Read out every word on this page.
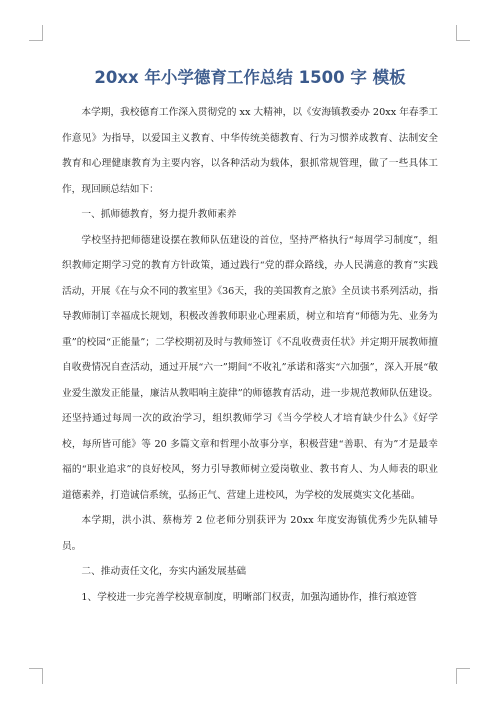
20xx 年小学德育工作总结 1500 字 模板

本学期，我校德育工作深入贯彻党的 xx 大精神，以《安海镇教委办 20xx 年春季工作意见》为指导，以爱国主义教育、中华传统美德教育、行为习惯养成教育、法制安全教育和心理健康教育为主要内容，以各种活动为载体，狠抓常规管理，做了一些具体工作，现回顾总结如下：

一、抓师德教育，努力提升教师素养

学校坚持把师德建设摆在教师队伍建设的首位，坚持严格执行“每周学习制度”，组织教师定期学习党的教育方针政策，通过践行“党的群众路线，办人民满意的教育”实践活动，开展《在与众不同的教室里》《36天，我的美国教育之旅》全员读书系列活动，指导教师制订幸福成长规划，积极改善教师职业心理素质，树立和培育“师德为先、业务为重”的校园“正能量”；二学校期初及时与教师签订《不乱收费责任状》并定期开展教师擅自收费情况自查活动，通过开展“六一”期间“不收礼”承诺和落实“六加强”，深入开展“敬业爱生激发正能量，廉洁从教唱响主旋律”的师德教育活动，进一步规范教师队伍建设。还坚持通过每周一次的政治学习，组织教师学习《当今学校人才培育缺少什么》《好学校，每所皆可能》等 20 多篇文章和哲理小故事分享，积极营建“善职、有为”才是最幸福的“职业追求”的良好校风，努力引导教师树立爱岗敬业、教书育人、为人师表的职业道德素养，打造诚信系统，弘扬正气、营建上进校风，为学校的发展奠实文化基础。

本学期，洪小淇、蔡梅芳 2 位老师分别获评为 20xx 年度安海镇优秀少先队辅导员。

二、推动责任文化，夯实内涵发展基础

1、学校进一步完善学校规章制度，明晰部门权责，加强沟通协作，推行痕迹管
